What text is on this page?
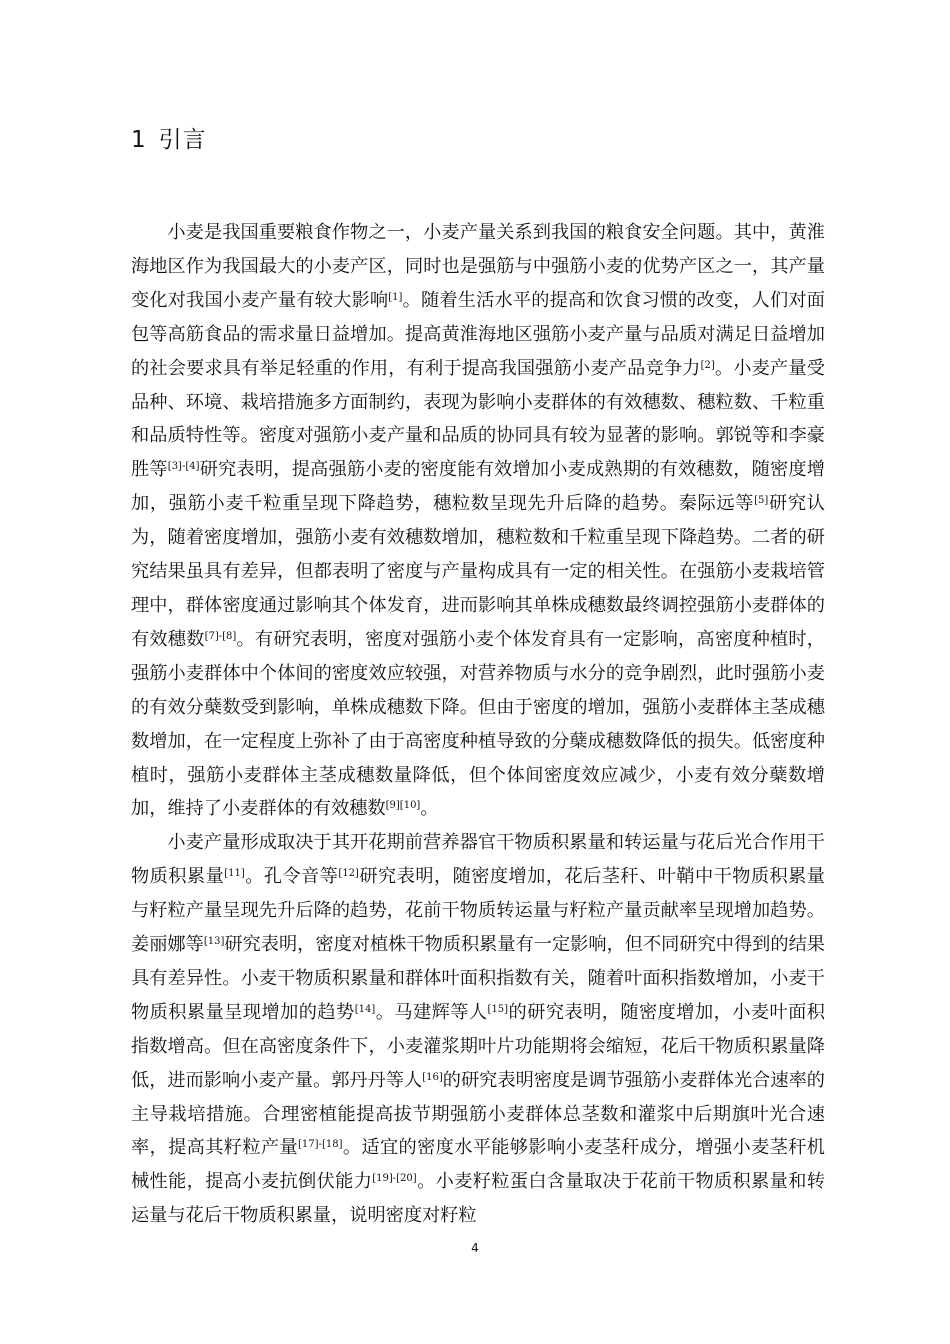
1 引言

小麦是我国重要粮食作物之一，小麦产量关系到我国的粮食安全问题。其中，黄淮海地区作为我国最大的小麦产区，同时也是强筋与中强筋小麦的优势产区之一，其产量变化对我国小麦产量有较大影响[1]。随着生活水平的提高和饮食习惯的改变，人们对面包等高筋食品的需求量日益增加。提高黄淮海地区强筋小麦产量与品质对满足日益增加的社会要求具有举足轻重的作用，有利于提高我国强筋小麦产品竞争力[2]。小麦产量受品种、环境、栽培措施多方面制约，表现为影响小麦群体的有效穗数、穗粒数、千粒重和品质特性等。密度对强筋小麦产量和品质的协同具有较为显著的影响。郭锐等和李豪胜等[3]-[4]研究表明，提高强筋小麦的密度能有效增加小麦成熟期的有效穗数，随密度增加，强筋小麦千粒重呈现下降趋势，穗粒数呈现先升后降的趋势。秦际远等[5]研究认为，随着密度增加，强筋小麦有效穗数增加，穗粒数和千粒重呈现下降趋势。二者的研究结果虽具有差异，但都表明了密度与产量构成具有一定的相关性。在强筋小麦栽培管理中，群体密度通过影响其个体发育，进而影响其单株成穗数最终调控强筋小麦群体的有效穗数[7]-[8]。有研究表明，密度对强筋小麦个体发育具有一定影响，高密度种植时，强筋小麦群体中个体间的密度效应较强，对营养物质与水分的竞争剧烈，此时强筋小麦的有效分蘖数受到影响，单株成穗数下降。但由于密度的增加，强筋小麦群体主茎成穗数增加，在一定程度上弥补了由于高密度种植导致的分蘖成穗数降低的损失。低密度种植时，强筋小麦群体主茎成穗数量降低，但个体间密度效应减少，小麦有效分蘖数增加，维持了小麦群体的有效穗数[9][10]。

小麦产量形成取决于其开花期前营养器官干物质积累量和转运量与花后光合作用干物质积累量[11]。孔令音等[12]研究表明，随密度增加，花后茎秆、叶鞘中干物质积累量与籽粒产量呈现先升后降的趋势，花前干物质转运量与籽粒产量贡献率呈现增加趋势。姜丽娜等[13]研究表明，密度对植株干物质积累量有一定影响，但不同研究中得到的结果具有差异性。小麦干物质积累量和群体叶面积指数有关，随着叶面积指数增加，小麦干物质积累量呈现增加的趋势[14]。马建辉等人[15]的研究表明，随密度增加，小麦叶面积指数增高。但在高密度条件下，小麦灌浆期叶片功能期将会缩短，花后干物质积累量降低，进而影响小麦产量。郭丹丹等人[16]的研究表明密度是调节强筋小麦群体光合速率的主导栽培措施。合理密植能提高拔节期强筋小麦群体总茎数和灌浆中后期旗叶光合速率，提高其籽粒产量[17]-[18]。适宜的密度水平能够影响小麦茎秆成分，增强小麦茎秆机械性能，提高小麦抗倒伏能力[19]-[20]。小麦籽粒蛋白含量取决于花前干物质积累量和转运量与花后干物质积累量，说明密度对籽粒

4
